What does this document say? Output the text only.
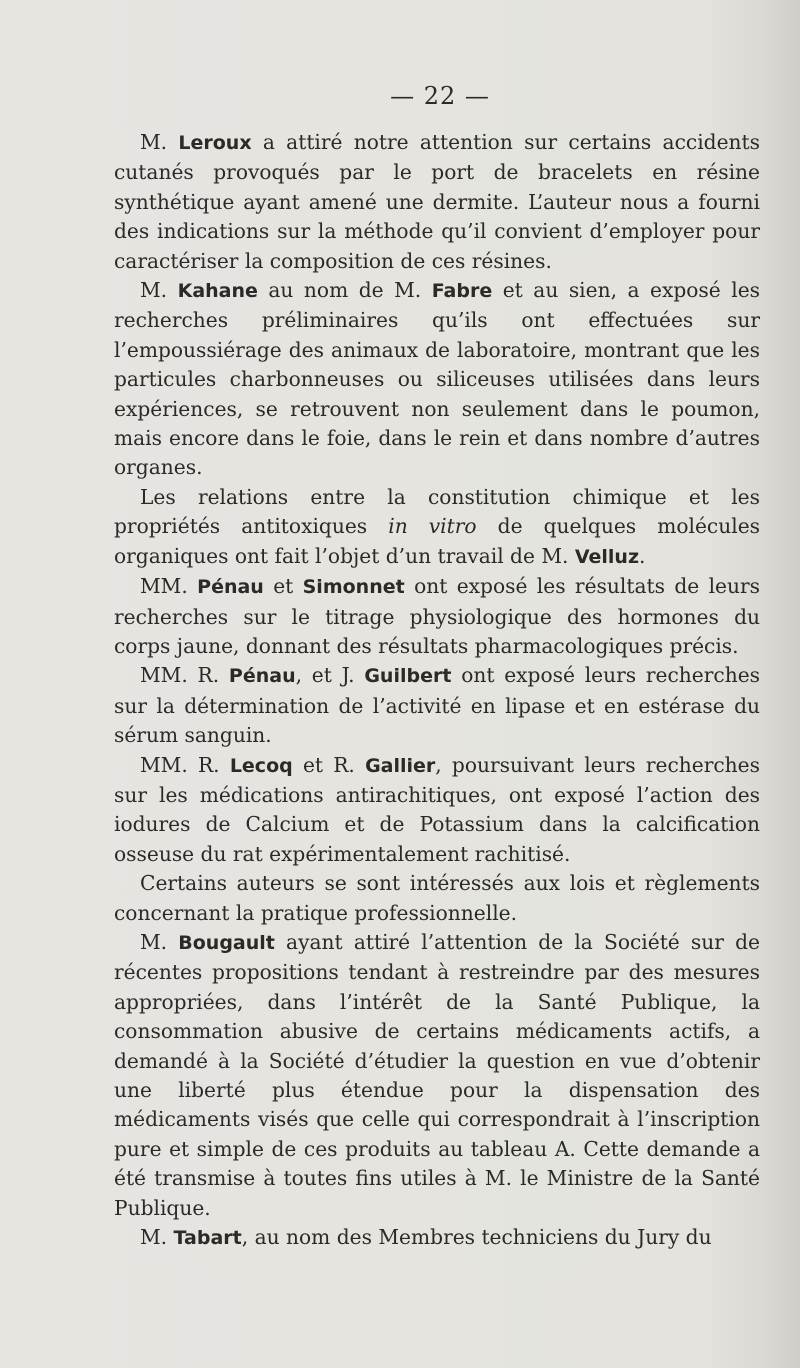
— 22 —

M. Leroux a attiré notre attention sur certains accidents cutanés provoqués par le port de bracelets en résine synthétique ayant amené une dermite. L’auteur nous a fourni des indications sur la méthode qu’il convient d’employer pour caractériser la composition de ces résines.

M. Kahane au nom de M. Fabre et au sien, a exposé les recherches préliminaires qu’ils ont effectuées sur l’empoussiérage des animaux de laboratoire, montrant que les particules charbonneuses ou siliceuses utilisées dans leurs expériences, se retrouvent non seulement dans le poumon, mais encore dans le foie, dans le rein et dans nombre d’autres organes.

Les relations entre la constitution chimique et les propriétés antitoxiques in vitro de quelques molécules organiques ont fait l’objet d’un travail de M. Velluz.

MM. Pénau et Simonnet ont exposé les résultats de leurs recherches sur le titrage physiologique des hormones du corps jaune, donnant des résultats pharmacologiques précis.

MM. R. Pénau, et J. Guilbert ont exposé leurs recherches sur la détermination de l’activité en lipase et en estérase du sérum sanguin.

MM. R. Lecoq et R. Gallier, poursuivant leurs recherches sur les médications antirachitiques, ont exposé l’action des iodures de Calcium et de Potassium dans la calcification osseuse du rat expérimentalement rachitisé.

Certains auteurs se sont intéressés aux lois et règlements concernant la pratique professionnelle.

M. Bougault ayant attiré l’attention de la Société sur de récentes propositions tendant à restreindre par des mesures appropriées, dans l’intérêt de la Santé Publique, la consommation abusive de certains médicaments actifs, a demandé à la Société d’étudier la question en vue d’obtenir une liberté plus étendue pour la dispensation des médicaments visés que celle qui correspondrait à l’inscription pure et simple de ces produits au tableau A. Cette demande a été transmise à toutes fins utiles à M. le Ministre de la Santé Publique.

M. Tabart, au nom des Membres techniciens du Jury du
